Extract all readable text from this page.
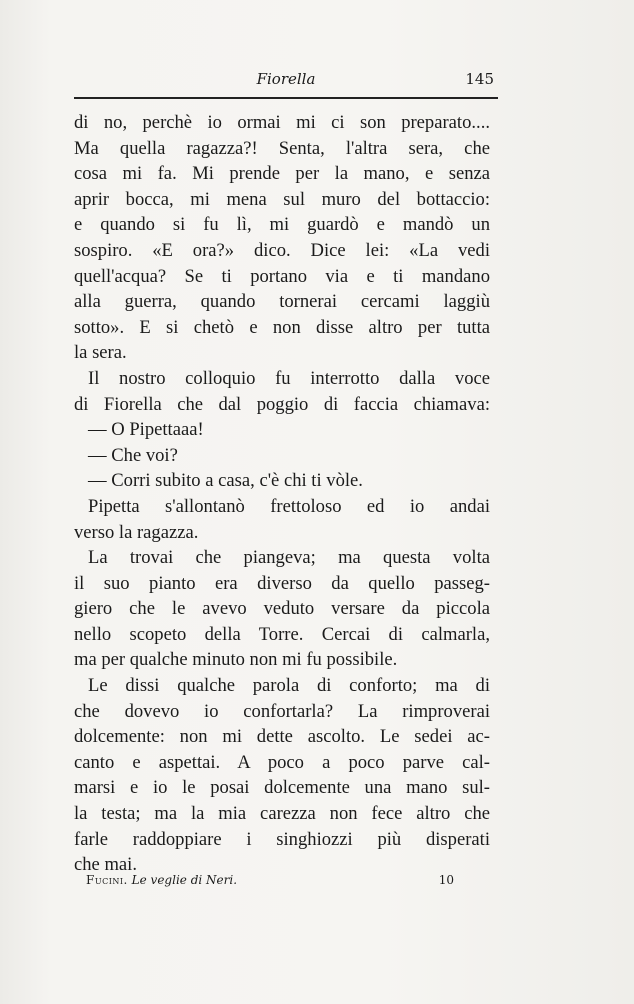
Fiorella	145
di no, perchè io ormai mi ci son preparato....
Ma quella ragazza?! Senta, l'altra sera, che
cosa mi fa. Mi prende per la mano, e senza
aprir bocca, mi mena sul muro del bottaccio:
e quando si fu lì, mi guardò e mandò un
sospiro. «E ora?» dico. Dice lei: «La vedi
quell'acqua? Se ti portano via e ti mandano
alla guerra, quando tornerai cercami laggiù
sotto». E si chetò e non disse altro per tutta
la sera.
Il nostro colloquio fu interrotto dalla voce
di Fiorella che dal poggio di faccia chiamava:
— O Pipettaaa!
— Che voi?
— Corri subito a casa, c'è chi ti vòle.
Pipetta s'allontanò frettoloso ed io andai
verso la ragazza.
La trovai che piangeva; ma questa volta
il suo pianto era diverso da quello passeg-
giero che le avevo veduto versare da piccola
nello scopeto della Torre. Cercai di calmarla,
ma per qualche minuto non mi fu possibile.
Le dissi qualche parola di conforto; ma di
che dovevo io confortarla? La rimproverai
dolcemente: non mi dette ascolto. Le sedei ac-
canto e aspettai. A poco a poco parve cal-
marsi e io le posai dolcemente una mano sul-
la testa; ma la mia carezza non fece altro che
farle raddoppiare i singhiozzi più disperati
che mai.
Fucini. Le veglie di Neri.	10
